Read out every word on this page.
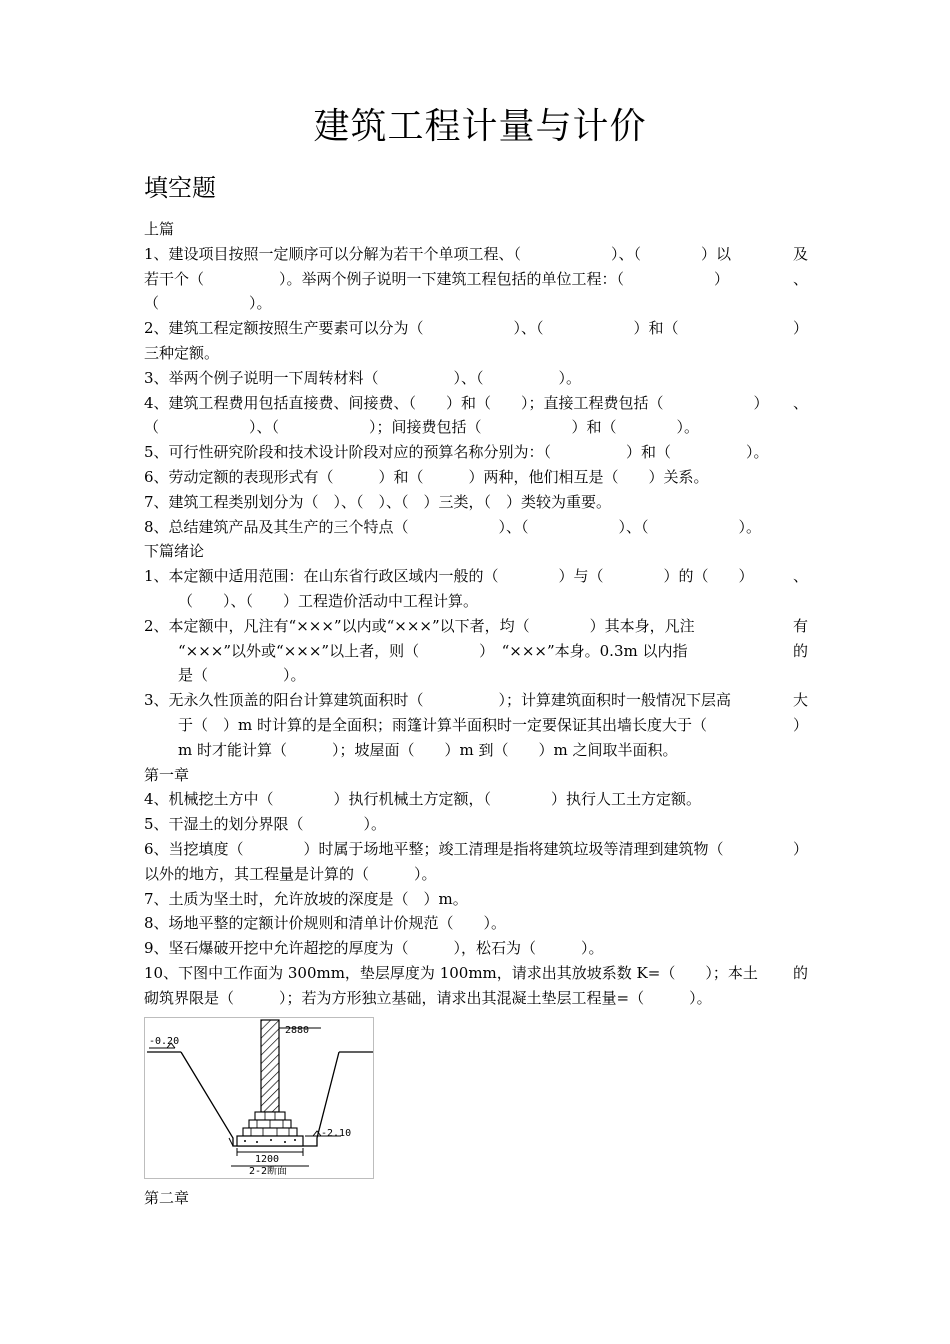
建筑工程计量与计价
填空题
上篇
1、建设项目按照一定顺序可以分解为若干个单项工程、（　　　　　　）、（　　　　）以	及
若干个（　　　　　）。举两个例子说明一下建筑工程包括的单位工程：（　　　　　　）	、
（　　　　　　）。
2、建筑工程定额按照生产要素可以分为（　　　　　　）、（　　　　　　）和（　　　　　	）
三种定额。
3、举两个例子说明一下周转材料（　　　　　）、（　　　　　）。
4、建筑工程费用包括直接费、间接费、（　　）和（　　）；直接工程费包括（　　　　　　） 、
（　　　　　　）、（　　　　　　）；间接费包括（　　　　　　）和（　　　　）。
5、可行性研究阶段和技术设计阶段对应的预算名称分别为：（　　　　　）和（　　　　　）。
6、劳动定额的表现形式有（　　　）和（　　　）两种，他们相互是（　　）关系。
7、建筑工程类别划分为（　）、（　）、（　）三类，（　）类较为重要。
8、总结建筑产品及其生产的三个特点（　　　　　　）、（　　　　　　）、（　　　　　　）。
下篇绪论
1、本定额中适用范围：在山东省行政区域内一般的（　　　　）与（　　　　）的（　　）	、
（　　）、（　　）工程造价活动中工程计算。
2、本定额中，凡注有“×××”以内或“×××”以下者，均（　　　　）其本身，凡注	有
“×××”以外或“×××”以上者，则（　　　　）　“×××”本身。0.3m 以内指	的
是（　　　　　）。
3、无永久性顶盖的阳台计算建筑面积时（　　　　　）；计算建筑面积时一般情况下层高	大
于（　）m 时计算的是全面积；雨篷计算半面积时一定要保证其出墙长度大于（　　	）
m 时才能计算（　　　）；坡屋面（　　）m 到（　　）m 之间取半面积。
第一章
4、机械挖土方中（　　　　）执行机械土方定额，（　　　　）执行人工土方定额。
5、干湿土的划分界限（　　　　）。
6、当挖填度（　　　　）时属于场地平整；竣工清理是指将建筑垃圾等清理到建筑物（　	）
以外的地方，其工程量是计算的（　　　）。
7、土质为坚土时，允许放坡的深度是（　）m。
8、场地平整的定额计价规则和清单计价规范（　　）。
9、坚石爆破开挖中允许超挖的厚度为（　　　），松石为（　　　）。
10、下图中工作面为 300mm，垫层厚度为 100mm，请求出其放坡系数 K=（　　）；本土 的
砌筑界限是（　　　）；若为方形独立基础，请求出其混凝土垫层工程量=（　　　）。
-0.20
2880
-2.10
1200
2-2断面
第二章
